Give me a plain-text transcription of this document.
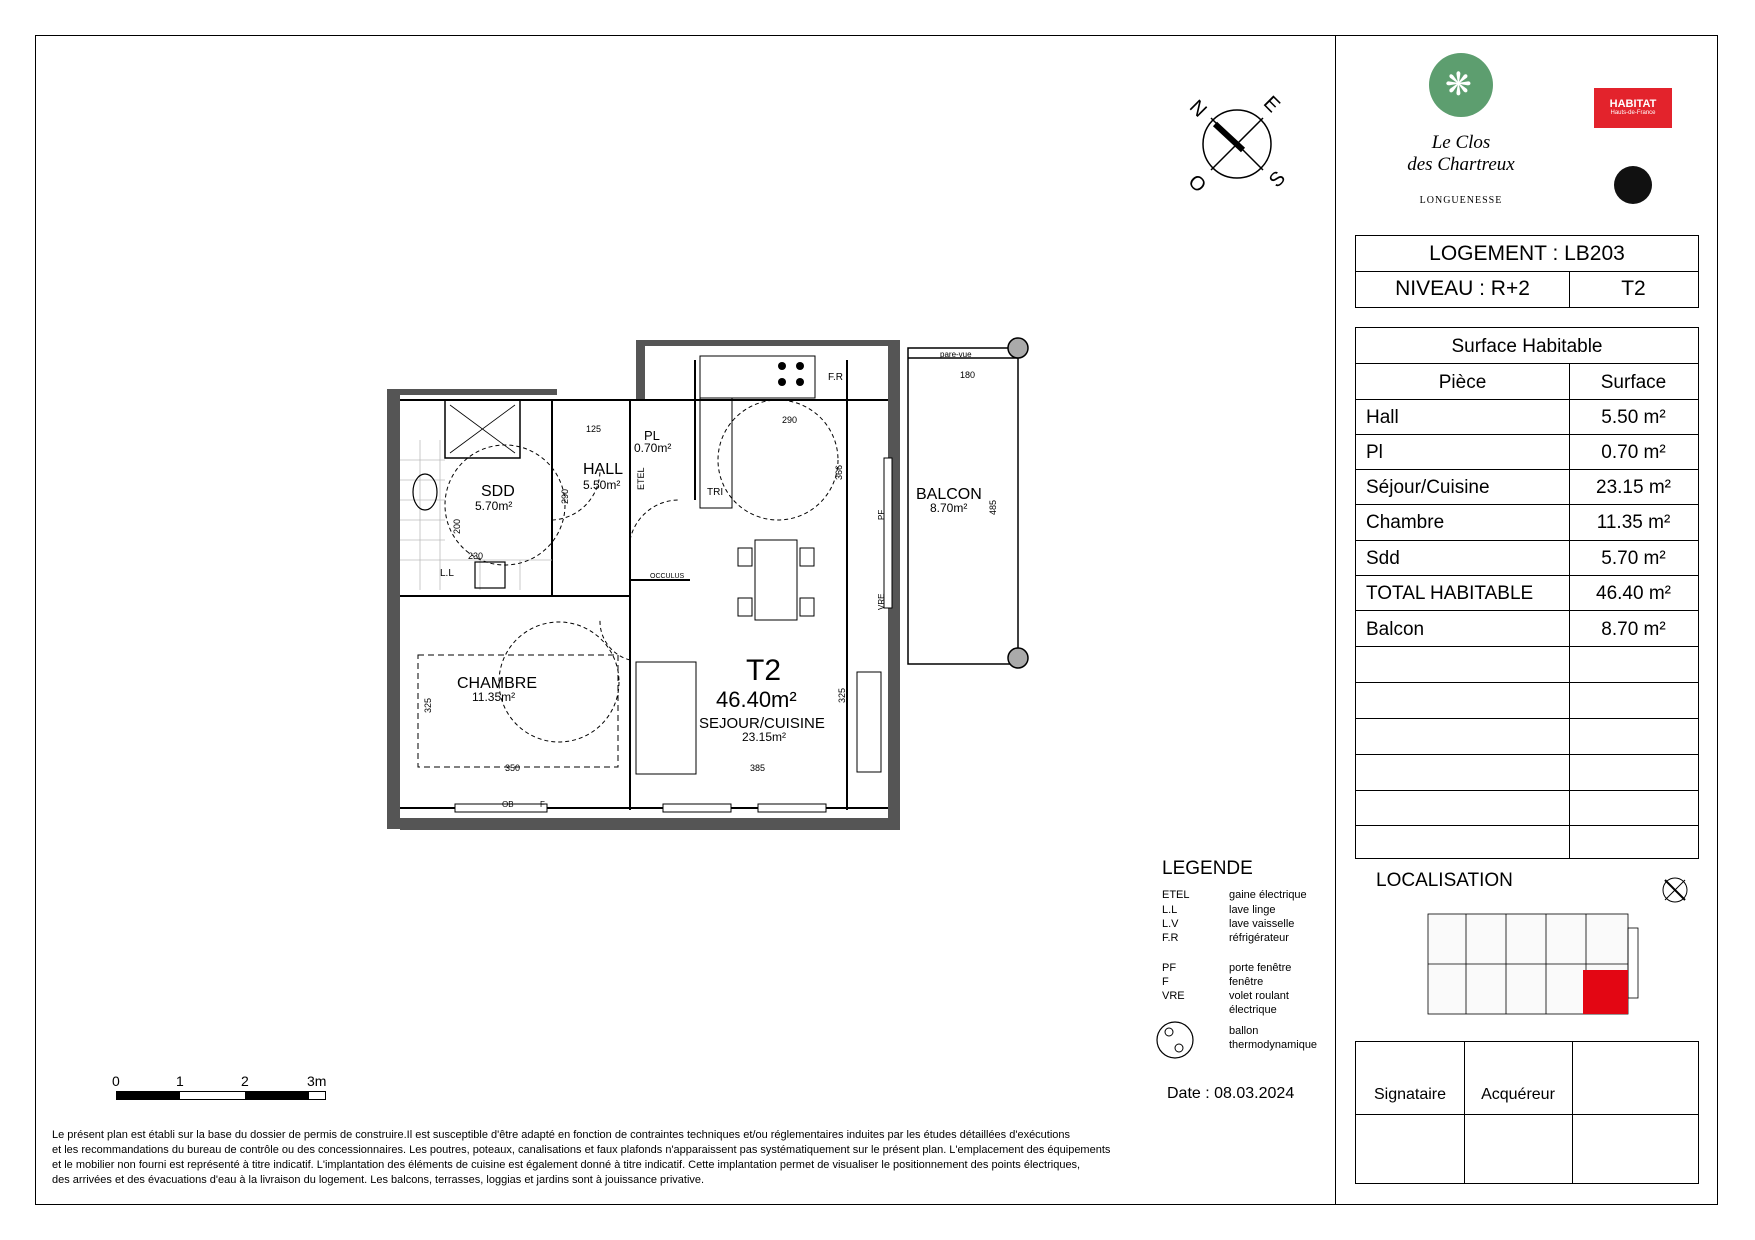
N E
S
O
HALL
5.50m²
PL
0.70m²
SDD
5.70m²
CHAMBRE
11.35m²
T2
46.40m²
SEJOUR/CUISINE
23.15m²
BALCON
8.70m²
pare-vue
F.R
TRI
L.L
ETEL
OCCULUS
PF
VRE
OB	F
180
290
125
366
485
290
200
230
325
325
350	385
❋
Le Clos
des Chartreux
LONGUENESSE
HABITAT
Hauts-de-France
LOGEMENT : LB203
NIVEAU : R+2	T2
Surface Habitable
Pièce	Surface
Hall	5.50 m²
Pl	0.70 m²
Séjour/Cuisine	23.15 m²
Chambre	11.35 m²
Sdd	5.70 m²
TOTAL HABITABLE	46.40 m²
Balcon	8.70 m²
LOCALISATION
Signataire	Acquéreur
LEGENDE
ETEL	gaine électrique
L.L	lave linge
L.V	lave vaisselle
F.R	réfrigérateur
PF	porte fenêtre
F	fenêtre
VRE	volet roulant
électrique
ballon
thermodynamique
0	1	2	3m
Date : 08.03.2024
Le présent plan est établi sur la base du dossier de permis de construire.Il est susceptible d'être adapté en fonction de contraintes techniques et/ou réglementaires induites par les études détaillées d'exécutions
et les recommandations du bureau de contrôle ou des concessionnaires. Les poutres, poteaux, canalisations et faux plafonds n'apparaissent pas systématiquement sur le présent plan. L'emplacement des équipements
et le mobilier non fourni est représenté à titre indicatif. L'implantation des éléments de cuisine est également donné à titre indicatif. Cette implantation permet de visualiser le positionnement des points électriques,
des arrivées et des évacuations d'eau à la livraison du logement. Les balcons, terrasses, loggias et jardins sont à jouissance privative.
